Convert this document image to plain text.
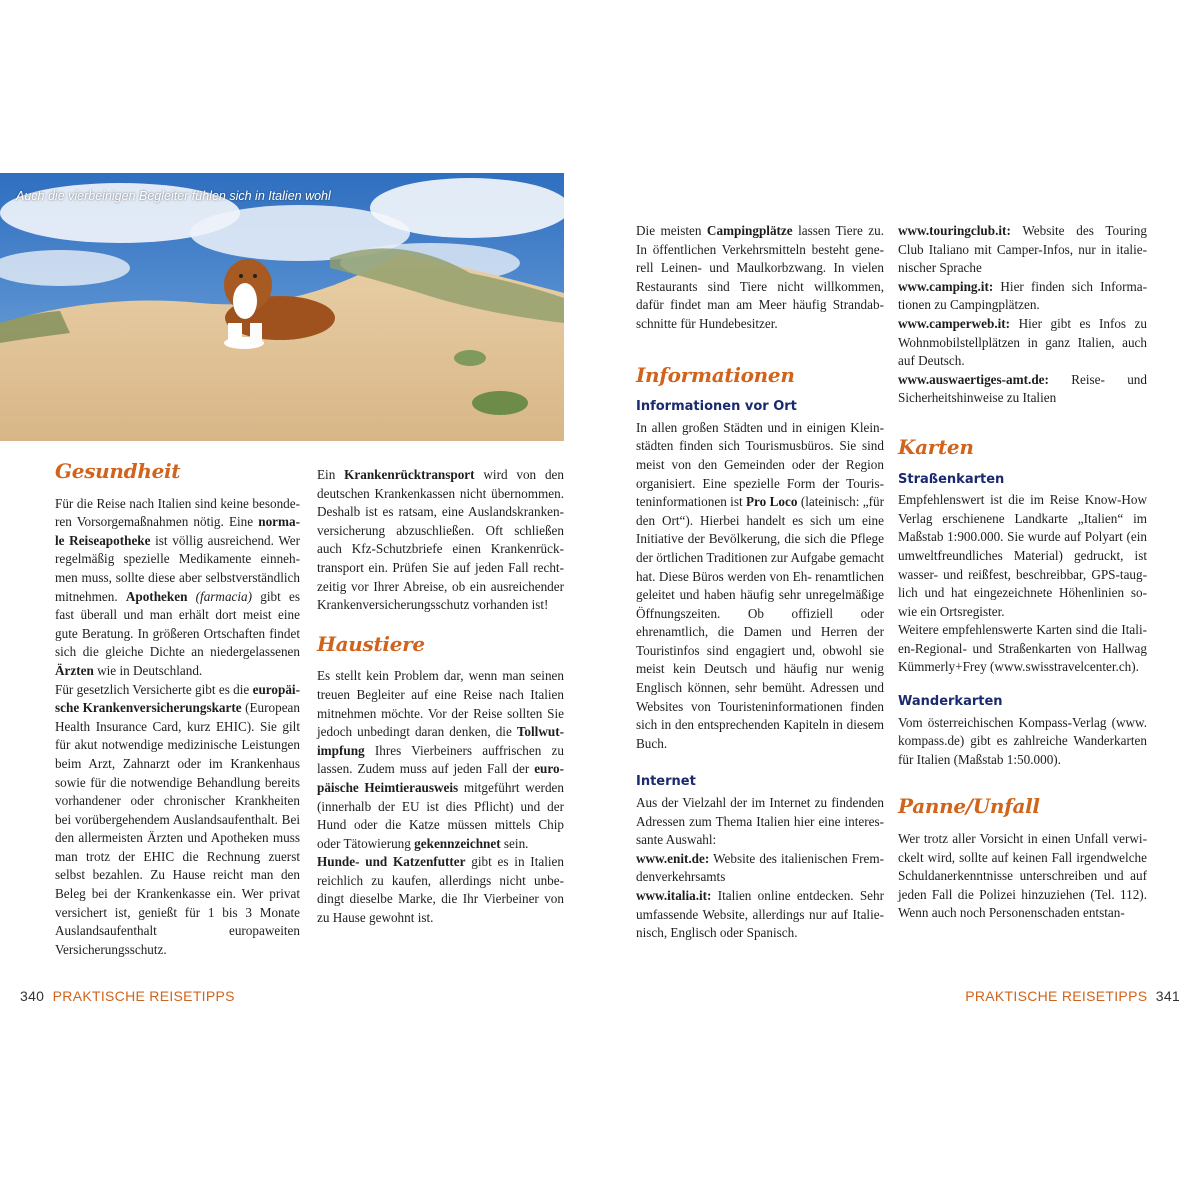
Auch die vierbeinigen Begleiter fühlen sich in Italien wohl
Gesundheit

Für die Reise nach Italien sind keine besonde-ren Vorsorgemaßnahmen nötig. Eine norma-le Reiseapotheke ist völlig ausreichend. Wer regelmäßig spezielle Medikamente einneh- men muss, sollte diese aber selbstverständlich mitnehmen. Apotheken (farmacia) gibt es fast überall und man erhält dort meist eine gute Beratung. In größeren Ortschaften findet sich die gleiche Dichte an niedergelassenen Ärzten wie in Deutschland.

Für gesetzlich Versicherte gibt es die europäi-sche Krankenversicherungskarte (European Health Insurance Card, kurz EHIC). Sie gilt für akut notwendige medizinische Leistungen beim Arzt, Zahnarzt oder im Krankenhaus sowie für die notwendige Behandlung bereits vorhandener oder chronischer Krankheiten bei vorübergehendem Auslandsaufenthalt. Bei den allermeisten Ärzten und Apotheken muss man trotz der EHIC die Rechnung zuerst selbst bezahlen. Zu Hause reicht man den Beleg bei der Krankenkasse ein. Wer privat versichert ist, genießt für 1 bis 3 Monate Auslandsaufenthalt	europaweiten Versicherungsschutz.

Ein Krankenrücktransport wird von den deutschen Krankenkassen nicht übernommen. Deshalb ist es ratsam, eine Auslandskranken- versicherung abzuschließen. Oft schließen auch Kfz-Schutzbriefe einen Krankenrück- transport ein. Prüfen Sie auf jeden Fall recht- zeitig vor Ihrer Abreise, ob ein ausreichender Krankenversicherungsschutz vorhanden ist!

Haustiere

Es stellt kein Problem dar, wenn man seinen treuen Begleiter auf eine Reise nach Italien mitnehmen möchte. Vor der Reise sollten Sie jedoch unbedingt daran denken, die Tollwut-impfung Ihres Vierbeiners auffrischen zu lassen. Zudem muss auf jeden Fall der euro-päische Heimtierausweis mitgeführt werden (innerhalb der EU ist dies Pflicht) und der Hund oder die Katze müssen mittels Chip oder Tätowierung gekennzeichnet sein.

Hunde- und Katzenfutter gibt es in Italien reichlich zu kaufen, allerdings nicht unbe- dingt dieselbe Marke, die Ihr Vierbeiner von zu Hause gewohnt ist.

Die meisten Campingplätze lassen Tiere zu. In öffentlichen Verkehrsmitteln besteht gene- rell Leinen- und Maulkorbzwang. In vielen Restaurants sind Tiere nicht willkommen, dafür findet man am Meer häufig Strandab- schnitte für Hundebesitzer.

Informationen
Informationen vor Ort

In allen großen Städten und in einigen Klein- städten finden sich Tourismusbüros. Sie sind meist von den Gemeinden oder der Region organisiert. Eine spezielle Form der Touris- teninformationen ist Pro Loco (lateinisch: „für den Ort“). Hierbei handelt es sich um eine Initiative der Bevölkerung, die sich die Pflege der örtlichen Traditionen zur Aufgabe gemacht hat. Diese Büros werden von Eh- renamtlichen geleitet und haben häufig sehr unregelmäßige Öffnungszeiten. Ob offiziell oder ehrenamtlich, die Damen und Herren der Touristinfos sind engagiert und, obwohl sie meist kein Deutsch und häufig nur wenig Englisch können, sehr bemüht. Adressen und Websites von Touristeninformationen finden sich in den entsprechenden Kapiteln in diesem Buch.

Internet

Aus der Vielzahl der im Internet zu findenden Adressen zum Thema Italien hier eine interes- sante Auswahl:

www.enit.de: Website des italienischen Frem- denverkehrsamts

www.italia.it: Italien online entdecken. Sehr umfassende Website, allerdings nur auf Italie- nisch, Englisch oder Spanisch.

www.touringclub.it: Website des Touring Club Italiano mit Camper-Infos, nur in italie- nischer Sprache

www.camping.it: Hier finden sich Informa- tionen zu Campingplätzen.

www.camperweb.it: Hier gibt es Infos zu Wohnmobilstellplätzen in ganz Italien, auch auf Deutsch.

www.auswaertiges-amt.de: Reise- und Sicherheitshinweise zu Italien

Karten
Straßenkarten

Empfehlenswert ist die im Reise Know-How Verlag erschienene Landkarte „Italien“ im Maßstab 1:900.000. Sie wurde auf Polyart (ein umweltfreundliches Material) gedruckt, ist wasser- und reißfest, beschreibbar, GPS-taug- lich und hat eingezeichnete Höhenlinien so- wie ein Ortsregister.

Weitere empfehlenswerte Karten sind die Itali- en-Regional- und Straßenkarten von Hallwag Kümmerly+Frey (www.swisstravelcenter.ch).

Wanderkarten

Vom österreichischen Kompass-Verlag (www. kompass.de) gibt es zahlreiche Wanderkarten für Italien (Maßstab 1:50.000).

Panne/Unfall

Wer trotz aller Vorsicht in einen Unfall verwi- ckelt wird, sollte auf keinen Fall irgendwelche Schuldanerkenntnisse unterschreiben und auf jeden Fall die Polizei hinzuziehen (Tel. 112). Wenn auch noch Personenschaden entstan-

340 PRAKTISCHE REISETIPPS	PRAKTISCHE REISETIPPS 341
